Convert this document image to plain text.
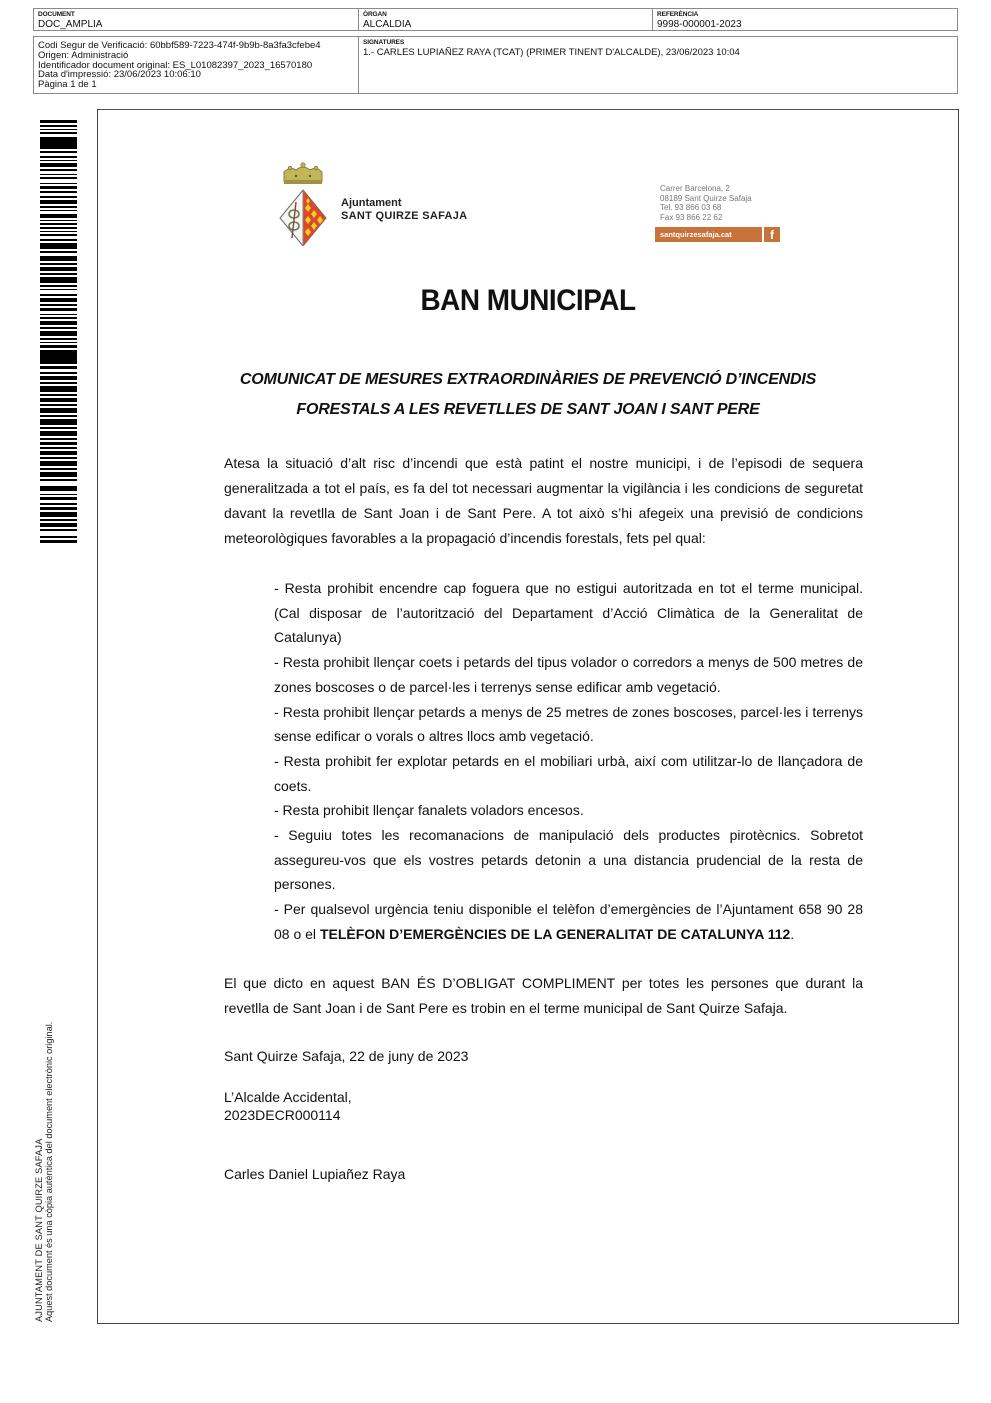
DOCUMENT
DOC_AMPLIA
ÒRGAN
ALCALDIA
REFERÈNCIA
9998-000001-2023
Codi Segur de Verificació: 60bbf589-7223-474f-9b9b-8a3fa3cfebe4
Origen: Administració
Identificador document original: ES_L01082397_2023_16570180
Data d'impressió: 23/06/2023 10:06:10
Pàgina 1 de 1
SIGNATURES
1.- CARLES LUPIAÑEZ RAYA (TCAT) (PRIMER TINENT D'ALCALDE), 23/06/2023 10:04
AJUNTAMENT DE SANT QUIRZE SAFAJA Aquest document és una còpia autèntica del document electrònic original.
Ajuntament
SANT QUIRZE SAFAJA
Carrer Barcelona, 2
08189 Sant Quirze Safaja
Tel. 93 866 03 68
Fax 93 866 22 62
santquirzesafaja.cat	f
BAN MUNICIPAL
COMUNICAT DE MESURES EXTRAORDINÀRIES DE PREVENCIÓ D’INCENDIS
FORESTALS A LES REVETLLES DE SANT JOAN I SANT PERE
Atesa la situació d’alt risc d’incendi que està patint el nostre municipi, i de l’episodi de sequera generalitzada a tot el país, es fa del tot necessari augmentar la vigilància i les condicions de seguretat davant la revetlla de Sant Joan i de Sant Pere. A tot això s’hi afegeix una previsió de condicions meteorològiques favorables a la propagació d’incendis forestals, fets pel qual:

- Resta prohibit encendre cap foguera que no estigui autoritzada en tot el terme municipal. (Cal disposar de l’autorització del Departament d’Acció Climàtica de la Generalitat de Catalunya)

- Resta prohibit llençar coets i petards del tipus volador o corredors a menys de 500 metres de zones boscoses o de parcel·les i terrenys sense edificar amb vegetació.

- Resta prohibit llençar petards a menys de 25 metres de zones boscoses, parcel·les i terrenys sense edificar o vorals o altres llocs amb vegetació.

- Resta prohibit fer explotar petards en el mobiliari urbà, així com utilitzar-lo de llançadora de coets.

- Resta prohibit llençar fanalets voladors encesos.

- Seguiu totes les recomanacions de manipulació dels productes pirotècnics. Sobretot assegureu-vos que els vostres petards detonin a una distancia prudencial de la resta de persones.

- Per qualsevol urgència teniu disponible el telèfon d’emergències de l’Ajuntament 658 90 28 08 o el TELÈFON D’EMERGÈNCIES DE LA GENERALITAT DE CATALUNYA 112.

El que dicto en aquest BAN ÉS D’OBLIGAT COMPLIMENT per totes les persones que durant la revetlla de Sant Joan i de Sant Pere es trobin en el terme municipal de Sant Quirze Safaja.
Sant Quirze Safaja, 22 de juny de 2023
L’Alcalde Accidental,
2023DECR000114
Carles Daniel Lupiañez Raya
